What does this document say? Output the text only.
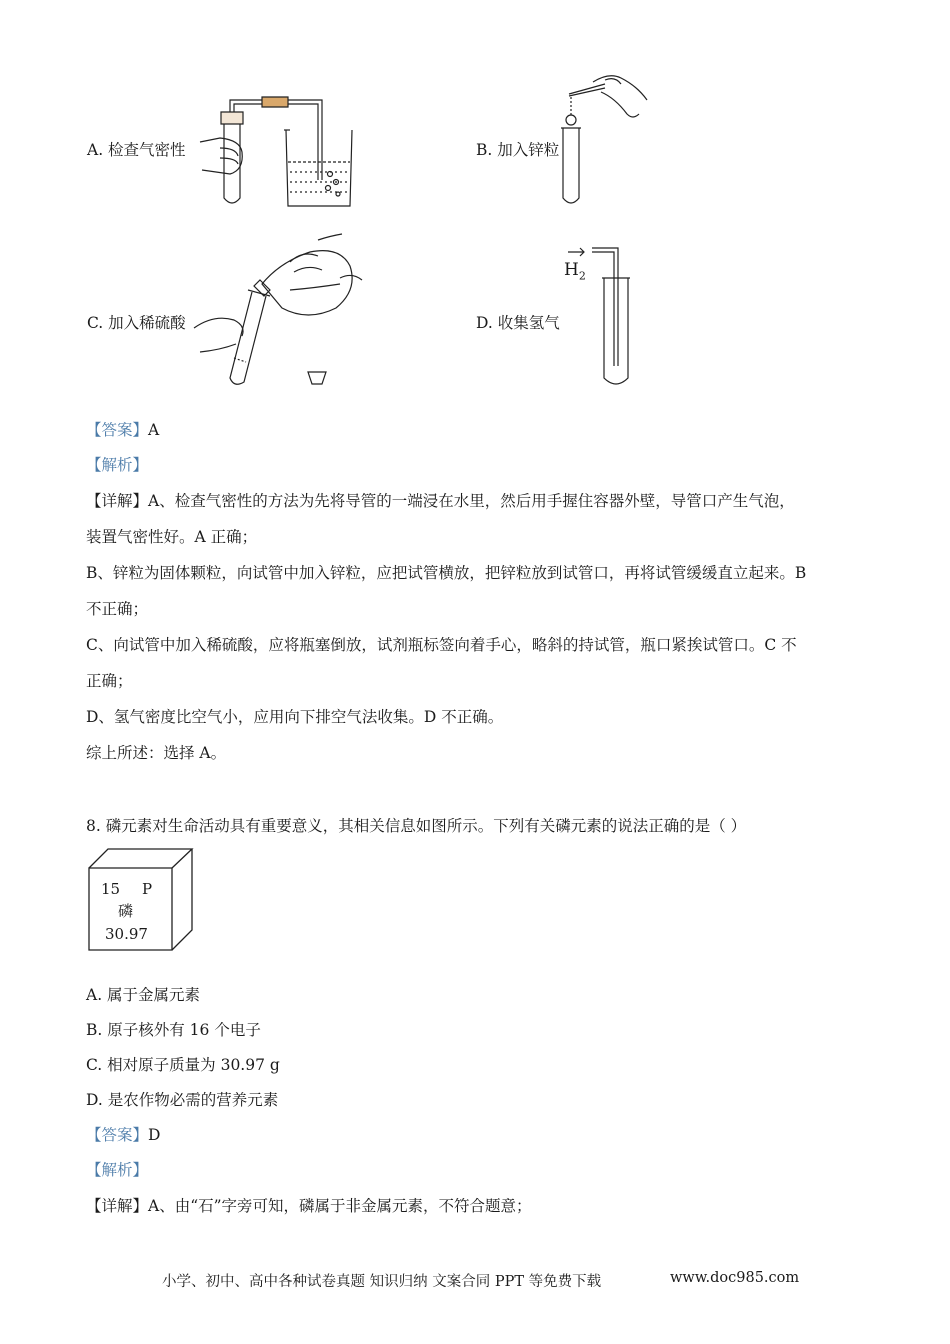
A. 检查气密性	B. 加入锌粒
C. 加入稀硫酸	D. 收集氢气
$H_2$
【答案】A
【解析】
【详解】A、检查气密性的方法为先将导管的一端浸在水里，然后用手握住容器外壁，导管口产生气泡，
装置气密性好。A 正确；
B、锌粒为固体颗粒，向试管中加入锌粒，应把试管横放，把锌粒放到试管口，再将试管缓缓直立起来。B
不正确；
C、向试管中加入稀硫酸，应将瓶塞倒放，试剂瓶标签向着手心，略斜的持试管，瓶口紧挨试管口。C 不
正确；
D、氢气密度比空气小，应用向下排空气法收集。D 不正确。
综上所述：选择 A。
8. 磷元素对生命活动具有重要意义，其相关信息如图所示。下列有关磷元素的说法正确的是（ ）
15 P
磷
30.97
A. 属于金属元素
B. 原子核外有 16 个电子
C. 相对原子质量为 30.97 g
D. 是农作物必需的营养元素
【答案】D
【解析】
【详解】A、由“石”字旁可知，磷属于非金属元素，不符合题意；
小学、初中、高中各种试卷真题 知识归纳 文案合同 PPT 等免费下载	www.doc985.com
